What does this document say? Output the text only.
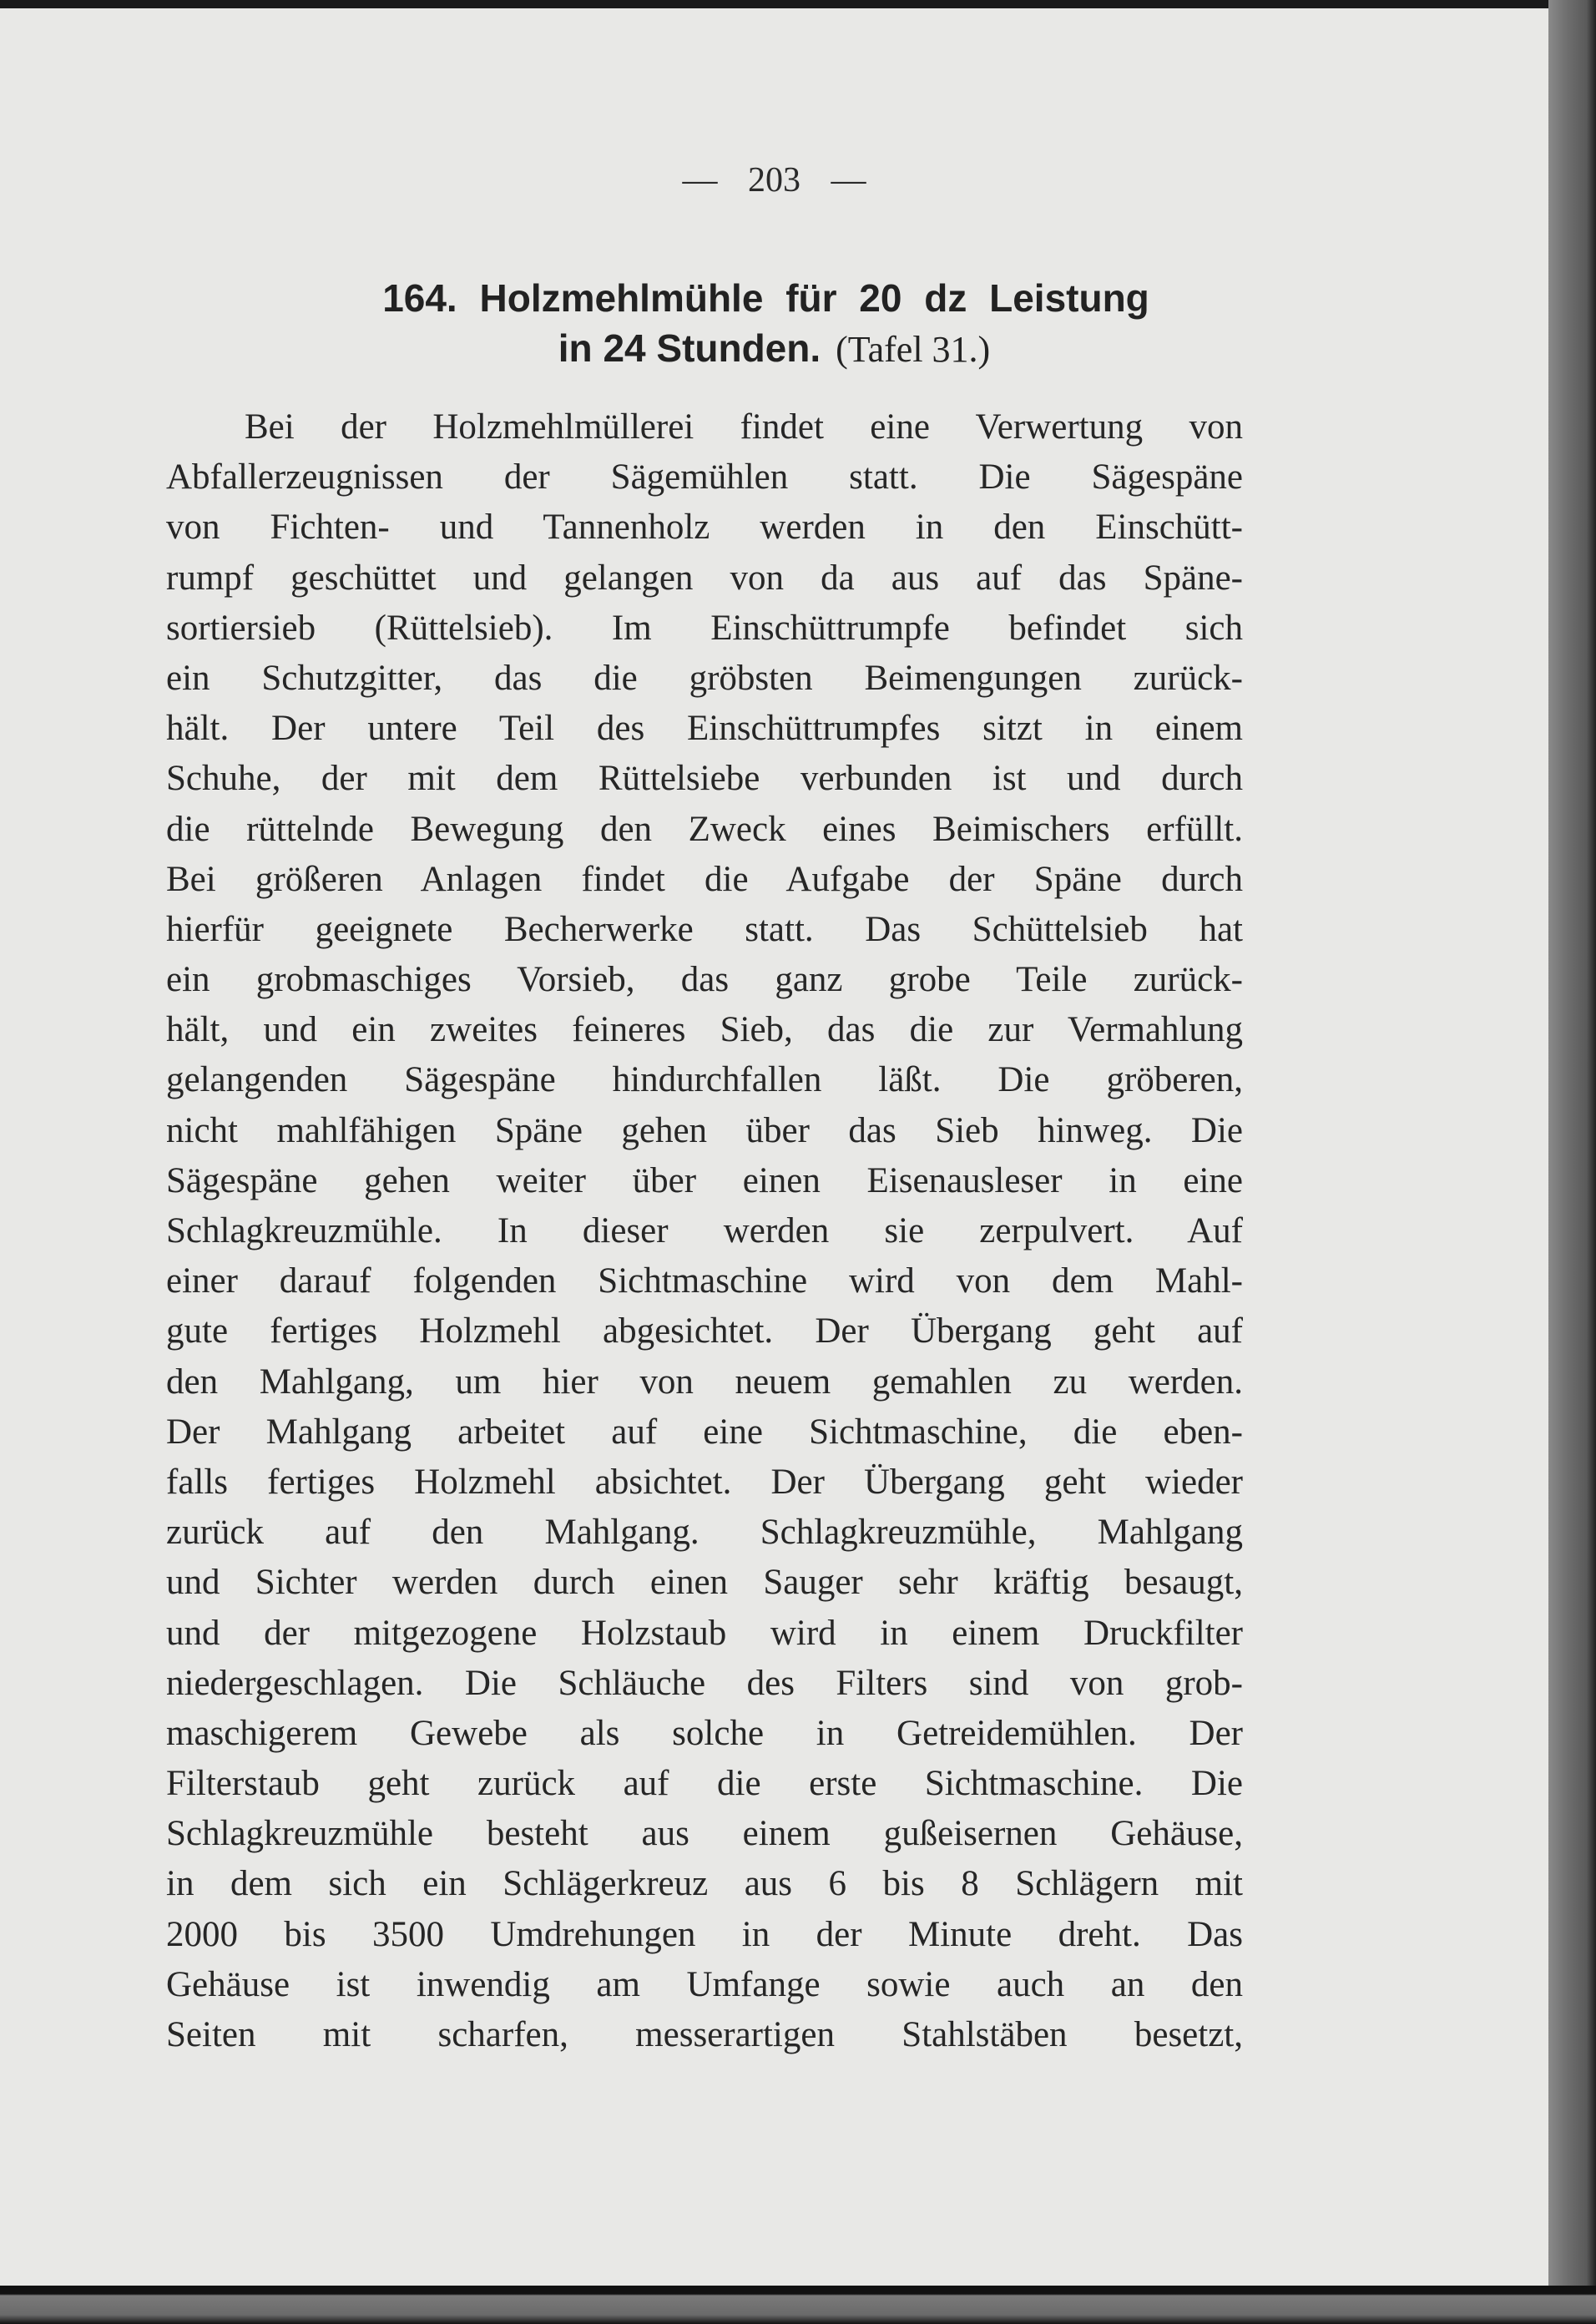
— 203 —
164. Holzmehlmühle für 20 dz Leistung
in 24 Stunden. (Tafel 31.)
Bei der Holzmehlmüllerei findet eine Verwertung von
Abfallerzeugnissen der Sägemühlen statt. Die Sägespäne
von Fichten- und Tannenholz werden in den Einschütt-
rumpf geschüttet und gelangen von da aus auf das Späne-
sortiersieb (Rüttelsieb). Im Einschüttrumpfe befindet sich
ein Schutzgitter, das die gröbsten Beimengungen zurück-
hält. Der untere Teil des Einschüttrumpfes sitzt in einem
Schuhe, der mit dem Rüttelsiebe verbunden ist und durch
die rüttelnde Bewegung den Zweck eines Beimischers erfüllt.
Bei größeren Anlagen findet die Aufgabe der Späne durch
hierfür geeignete Becherwerke statt. Das Schüttelsieb hat
ein grobmaschiges Vorsieb, das ganz grobe Teile zurück-
hält, und ein zweites feineres Sieb, das die zur Vermahlung
gelangenden Sägespäne hindurchfallen läßt. Die gröberen,
nicht mahlfähigen Späne gehen über das Sieb hinweg. Die
Sägespäne gehen weiter über einen Eisenausleser in eine
Schlagkreuzmühle. In dieser werden sie zerpulvert. Auf
einer darauf folgenden Sichtmaschine wird von dem Mahl-
gute fertiges Holzmehl abgesichtet. Der Übergang geht auf
den Mahlgang, um hier von neuem gemahlen zu werden.
Der Mahlgang arbeitet auf eine Sichtmaschine, die eben-
falls fertiges Holzmehl absichtet. Der Übergang geht wieder
zurück auf den Mahlgang. Schlagkreuzmühle, Mahlgang
und Sichter werden durch einen Sauger sehr kräftig besaugt,
und der mitgezogene Holzstaub wird in einem Druckfilter
niedergeschlagen. Die Schläuche des Filters sind von grob-
maschigerem Gewebe als solche in Getreidemühlen. Der
Filterstaub geht zurück auf die erste Sichtmaschine. Die
Schlagkreuzmühle besteht aus einem gußeisernen Gehäuse,
in dem sich ein Schlägerkreuz aus 6 bis 8 Schlägern mit
2000 bis 3500 Umdrehungen in der Minute dreht. Das
Gehäuse ist inwendig am Umfange sowie auch an den
Seiten mit scharfen, messerartigen Stahlstäben besetzt,
